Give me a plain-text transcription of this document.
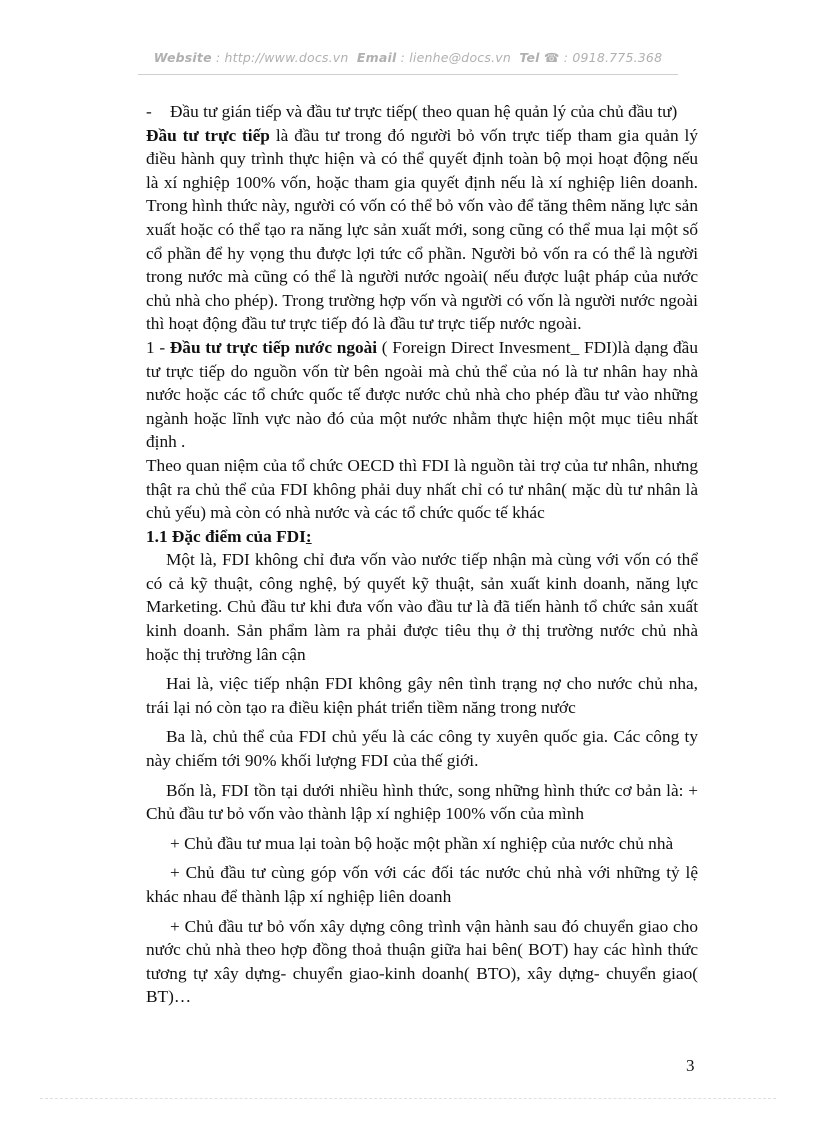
Website : http://www.docs.vn Email : lienhe@docs.vn Tel ☎ : 0918.775.368
-	Đầu tư gián tiếp và đầu tư trực tiếp( theo quan hệ quản lý của chủ đầu tư)

Đầu tư trực tiếp là đầu tư trong đó người bỏ vốn trực tiếp tham gia quản lý điều hành quy trình thực hiện và có thể quyết định toàn bộ mọi hoạt động nếu là xí nghiệp 100% vốn, hoặc tham gia quyết định nếu là xí nghiệp liên doanh. Trong hình thức này, người có vốn có thể bỏ vốn vào để tăng thêm năng lực sản xuất hoặc có thể tạo ra năng lực sản xuất mới, song cũng có thể mua lại một số cổ phần để hy vọng thu được lợi tức cổ phần. Người bỏ vốn ra có thể là người trong nước mà cũng có thể là người nước ngoài( nếu được luật pháp của nước chủ nhà cho phép). Trong trường hợp vốn và người có vốn là người nước ngoài thì hoạt động đầu tư trực tiếp đó là đầu tư trực tiếp nước ngoài.

1 - Đầu tư trực tiếp nước ngoài ( Foreign Direct Invesment_ FDI)là dạng đầu tư trực tiếp do nguồn vốn từ bên ngoài mà chủ thể của nó là tư nhân hay nhà nước hoặc các tổ chức quốc tế được nước chủ nhà cho phép đầu tư vào những ngành hoặc lĩnh vực nào đó của một nước nhằm thực hiện một mục tiêu nhất định .

Theo quan niệm của tổ chức OECD thì FDI là nguồn tài trợ của tư nhân, nhưng thật ra chủ thể của FDI không phải duy nhất chỉ có tư nhân( mặc dù tư nhân là chủ yếu) mà còn có nhà nước và các tổ chức quốc tế khác

1.1 Đặc điểm của FDI:

Một là, FDI không chỉ đưa vốn vào nước tiếp nhận mà cùng với vốn có thể có cả kỹ thuật, công nghệ, bý quyết kỹ thuật, sản xuất kinh doanh, năng lực Marketing. Chủ đầu tư khi đưa vốn vào đầu tư là đã tiến hành tổ chức sản xuất kinh doanh. Sản phẩm làm ra phải được tiêu thụ ở thị trường nước chủ nhà hoặc thị trường lân cận

Hai là, việc tiếp nhận FDI không gây nên tình trạng nợ cho nước chủ nha, trái lại nó còn tạo ra điều kiện phát triển tiềm năng trong nước

Ba là, chủ thể của FDI chủ yếu là các công ty xuyên quốc gia. Các công ty này chiếm tới 90% khối lượng FDI của thế giới.

Bốn là, FDI tồn tại dưới nhiều hình thức, song những hình thức cơ bản là: + Chủ đầu tư bỏ vốn vào thành lập xí nghiệp 100% vốn của mình

+ Chủ đầu tư mua lại toàn bộ hoặc một phần xí nghiệp của nước chủ nhà

+ Chủ đầu tư cùng góp vốn với các đối tác nước chủ nhà với những tỷ lệ khác nhau để thành lập xí nghiệp liên doanh

+ Chủ đầu tư bỏ vốn xây dựng công trình vận hành sau đó chuyển giao cho nước chủ nhà theo hợp đồng thoả thuận giữa hai bên( BOT) hay các hình thức tương tự xây dựng- chuyển giao-kinh doanh( BTO), xây dựng- chuyển giao( BT)…

3
